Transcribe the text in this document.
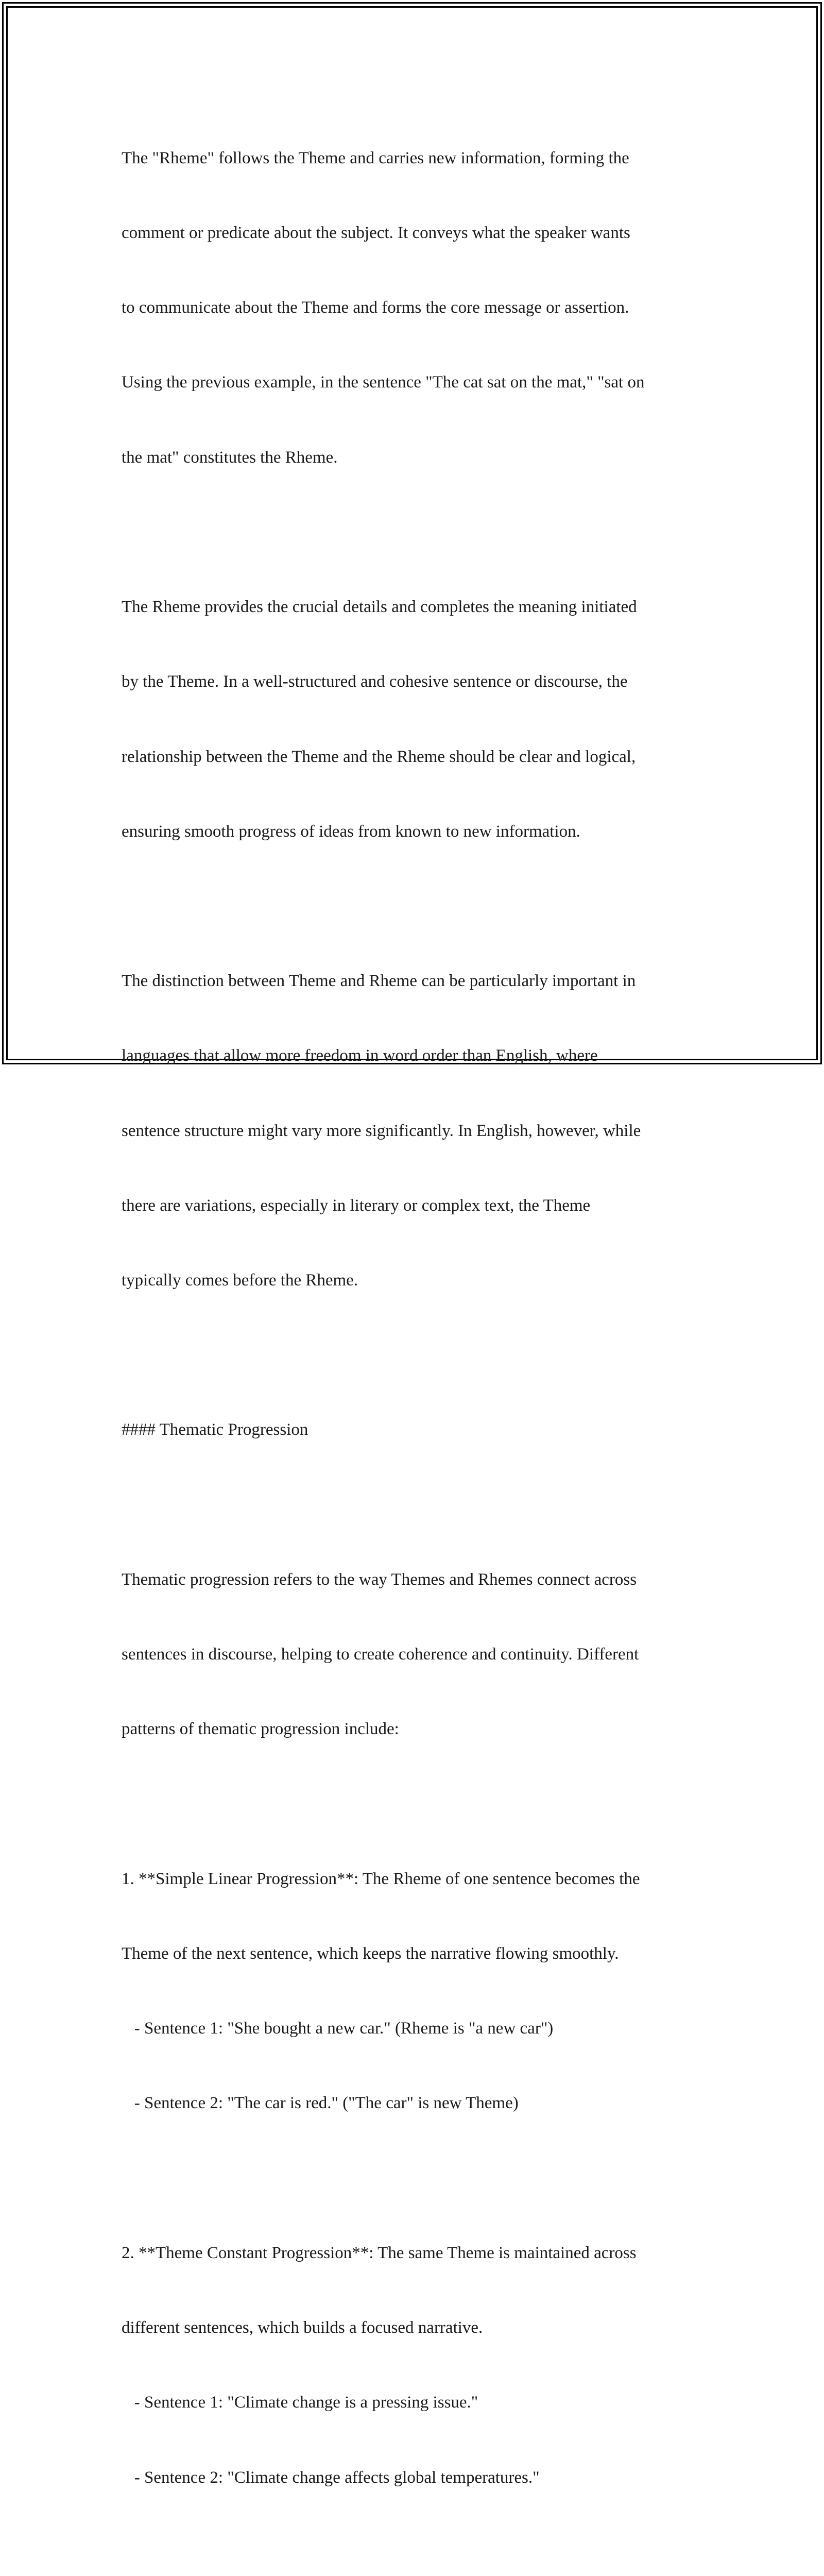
The "Rheme" follows the Theme and carries new information, forming the

comment or predicate about the subject. It conveys what the speaker wants

to communicate about the Theme and forms the core message or assertion.

Using the previous example, in the sentence "The cat sat on the mat," "sat on

the mat" constitutes the Rheme.

The Rheme provides the crucial details and completes the meaning initiated

by the Theme. In a well-structured and cohesive sentence or discourse, the

relationship between the Theme and the Rheme should be clear and logical,

ensuring smooth progress of ideas from known to new information.

The distinction between Theme and Rheme can be particularly important in

languages that allow more freedom in word order than English, where

sentence structure might vary more significantly. In English, however, while

there are variations, especially in literary or complex text, the Theme

typically comes before the Rheme.

#### Thematic Progression

Thematic progression refers to the way Themes and Rhemes connect across

sentences in discourse, helping to create coherence and continuity. Different

patterns of thematic progression include:

1. **Simple Linear Progression**: The Rheme of one sentence becomes the

Theme of the next sentence, which keeps the narrative flowing smoothly.

- Sentence 1: "She bought a new car." (Rheme is "a new car")

- Sentence 2: "The car is red." ("The car" is new Theme)

2. **Theme Constant Progression**: The same Theme is maintained across

different sentences, which builds a focused narrative.

- Sentence 1: "Climate change is a pressing issue."

- Sentence 2: "Climate change affects global temperatures."
